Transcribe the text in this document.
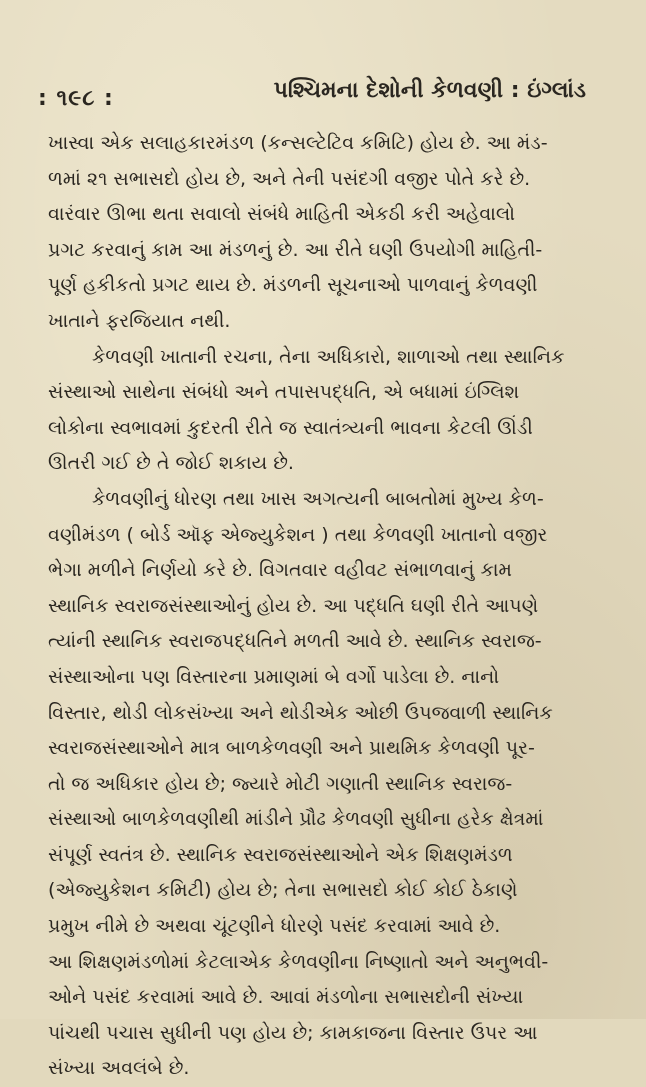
: ૧૯૮ :	પશ્ચિમના દેશોની કેળવણી : ઇંગ્લાંડ

ખાસ્વા એક સલાહકારમંડળ (કન્સલ્ટેટિવ કમિટિ) હોય છે. આ મંડ-
ળમાં ૨૧ સભાસદો હોય છે, અને તેની પસંદગી વજીર પોતે કરે છે.
વારંવાર ઊભા થતા સવાલો સંબંધે માહિતી એકઠી કરી અહેવાલો
પ્રગટ કરવાનું કામ આ મંડળનું છે. આ રીતે ઘણી ઉપયોગી માહિતી-
પૂર્ણ હકીકતો પ્રગટ થાય છે. મંડળની સૂચનાઓ પાળવાનું કેળવણી
ખાતાને ફરજિયાત નથી.

કેળવણી ખાતાની રચના, તેના અધિકારો, શાળાઓ તથા સ્થાનિક
સંસ્થાઓ સાથેના સંબંધો અને તપાસપદ્ધતિ, એ બધામાં ઇંગ્લિશ
લોકોના સ્વભાવમાં કુદરતી રીતે જ સ્વાતંત્ર્યની ભાવના કેટલી ઊંડી
ઊતરી ગઈ છે તે જોઈ શકાય છે.

કેળવણીનું ધોરણ તથા ખાસ અગત્યની બાબતોમાં મુખ્ય કેળ-
વણીમંડળ ( બોર્ડ ઑફ એજ્યુકેશન ) તથા કેળવણી ખાતાનો વજીર
ભેગા મળીને નિર્ણયો કરે છે. વિગતવાર વહીવટ સંભાળવાનું કામ
સ્થાનિક સ્વરાજસંસ્થાઓનું હોય છે. આ પદ્ધતિ ઘણી રીતે આપણે
ત્યાંની સ્થાનિક સ્વરાજપદ્ધતિને મળતી આવે છે. સ્થાનિક સ્વરાજ-
સંસ્થાઓના પણ વિસ્તારના પ્રમાણમાં બે વર્ગો પાડેલા છે. નાનો
વિસ્તાર, થોડી લોકસંખ્યા અને થોડીએક ઓછી ઉપજવાળી સ્થાનિક
સ્વરાજસંસ્થાઓને માત્ર બાળકેળવણી અને પ્રાથમિક કેળવણી પૂર-
તો જ અધિકાર હોય છે; જ્યારે મોટી ગણાતી સ્થાનિક સ્વરાજ-
સંસ્થાઓ બાળકેળવણીથી માંડીને પ્રૌઢ કેળવણી સુધીના હરેક ક્ષેત્રમાં
સંપૂર્ણ સ્વતંત્ર છે. સ્થાનિક સ્વરાજસંસ્થાઓને એક શિક્ષણમંડળ
(એજ્યુકેશન કમિટી) હોય છે; તેના સભાસદો કોઈ કોઈ ઠેકાણે
પ્રમુખ નીમે છે અથવા ચૂંટણીને ધોરણે પસંદ કરવામાં આવે છે.
આ શિક્ષણમંડળોમાં કેટલાએક કેળવણીના નિષ્ણાતો અને અનુભવી-
ઓને પસંદ કરવામાં આવે છે. આવાં મંડળોના સભાસદોની સંખ્યા
પાંચથી પચાસ સુધીની પણ હોય છે; કામકાજના વિસ્તાર ઉપર આ
સંખ્યા અવલંબે છે.
